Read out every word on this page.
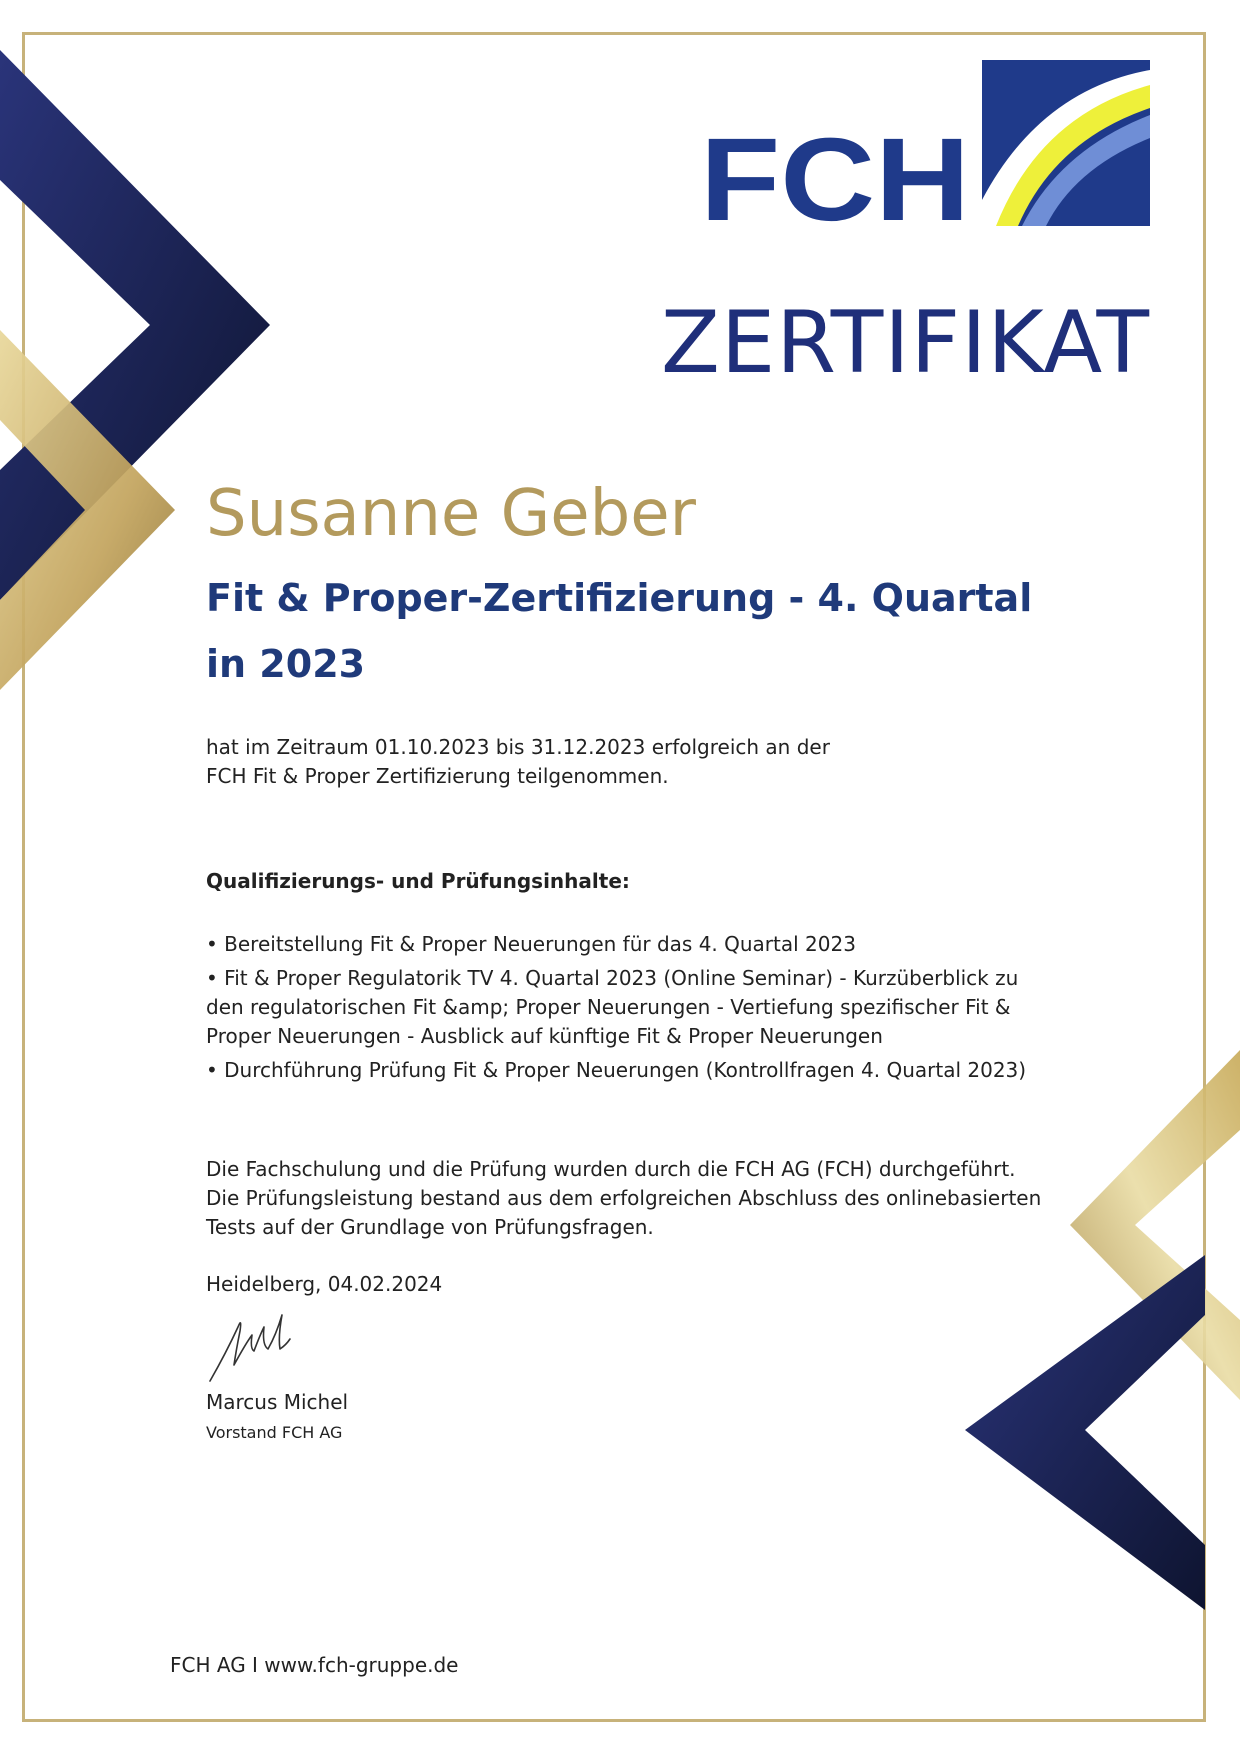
FCH
ZERTIFIKAT
Susanne Geber
Fit & Proper-Zertifizierung - 4. Quartal in 2023
hat im Zeitraum 01.10.2023 bis 31.12.2023 erfolgreich an der
FCH Fit & Proper Zertifizierung teilgenommen.
Qualifizierungs- und Prüfungsinhalte:
• Bereitstellung Fit & Proper Neuerungen für das 4. Quartal 2023
• Fit & Proper Regulatorik TV 4. Quartal 2023 (Online Seminar) - Kurzüberblick zu den regulatorischen Fit &amp; Proper Neuerungen - Vertiefung spezifischer Fit & Proper Neuerungen - Ausblick auf künftige Fit & Proper Neuerungen
• Durchführung Prüfung Fit & Proper Neuerungen (Kontrollfragen 4. Quartal 2023)
Die Fachschulung und die Prüfung wurden durch die FCH AG (FCH) durchgeführt. Die Prüfungsleistung bestand aus dem erfolgreichen Abschluss des onlinebasierten Tests auf der Grundlage von Prüfungsfragen.
Heidelberg, 04.02.2024
Marcus Michel
Vorstand FCH AG
FCH AG I www.fch-gruppe.de
